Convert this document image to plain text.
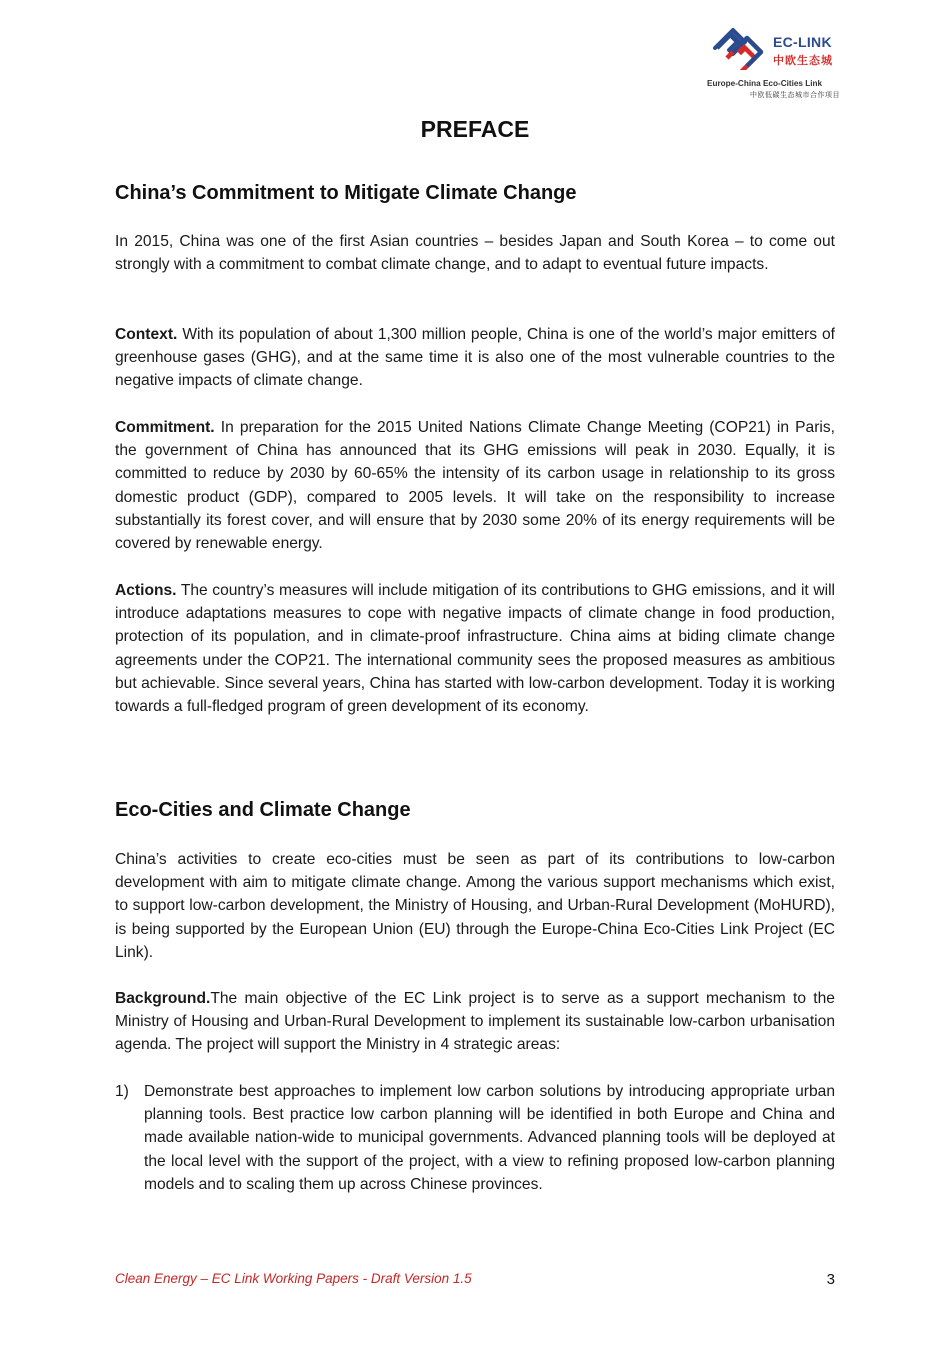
EC-LINK
中欧生态城
Europe-China Eco-Cities Link
中欧低碳生态城市合作项目
PREFACE
China’s Commitment to Mitigate Climate Change

In 2015, China was one of the first Asian countries – besides Japan and South Korea – to come out strongly with a commitment to combat climate change, and to adapt to eventual future impacts.

Context. With its population of about 1,300 million people, China is one of the world’s major emitters of greenhouse gases (GHG), and at the same time it is also one of the most vulnerable countries to the negative impacts of climate change.

Commitment. In preparation for the 2015 United Nations Climate Change Meeting (COP21) in Paris, the government of China has announced that its GHG emissions will peak in 2030. Equally, it is committed to reduce by 2030 by 60-65% the intensity of its carbon usage in relationship to its gross domestic product (GDP), compared to 2005 levels. It will take on the responsibility to increase substantially its forest cover, and will ensure that by 2030 some 20% of its energy requirements will be covered by renewable energy.

Actions. The country’s measures will include mitigation of its contributions to GHG emissions, and it will introduce adaptations measures to cope with negative impacts of climate change in food production, protection of its population, and in climate-proof infrastructure. China aims at biding climate change agreements under the COP21. The international community sees the proposed measures as ambitious but achievable. Since several years, China has started with low-carbon development. Today it is working towards a full-fledged program of green development of its economy.

Eco-Cities and Climate Change

China’s activities to create eco-cities must be seen as part of its contributions to low-carbon development with aim to mitigate climate change. Among the various support mechanisms which exist, to support low-carbon development, the Ministry of Housing, and Urban-Rural Development (MoHURD), is being supported by the European Union (EU) through the Europe-China Eco-Cities Link Project (EC Link).

Background.The main objective of the EC Link project is to serve as a support mechanism to the Ministry of Housing and Urban-Rural Development to implement its sustainable low-carbon urbanisation agenda. The project will support the Ministry in 4 strategic areas:

1) Demonstrate best approaches to implement low carbon solutions by introducing appropriate urban planning tools. Best practice low carbon planning will be identified in both Europe and China and made available nation-wide to municipal governments. Advanced planning tools will be deployed at the local level with the support of the project, with a view to refining proposed low-carbon planning models and to scaling them up across Chinese provinces.
Clean Energy – EC Link Working Papers - Draft Version 1.5	3
